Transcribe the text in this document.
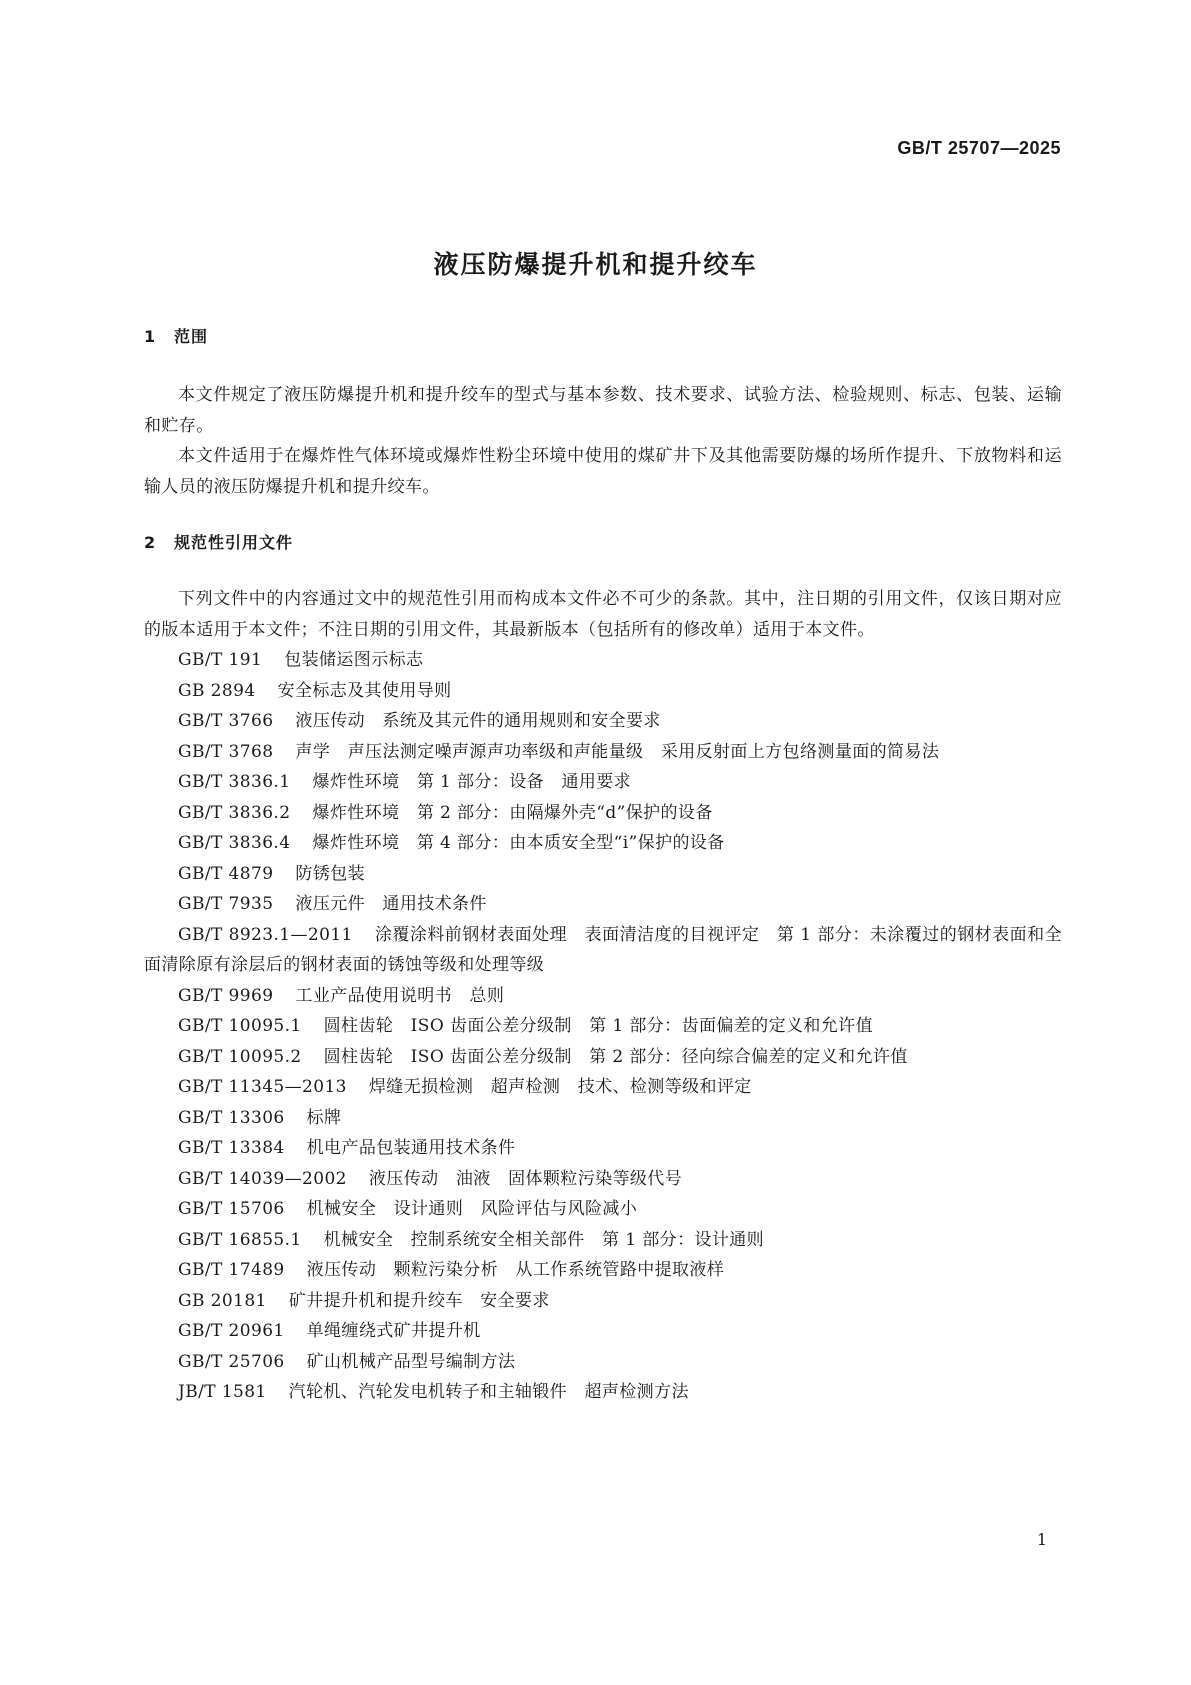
GB/T 25707—2025
液压防爆提升机和提升绞车
1 范围

本文件规定了液压防爆提升机和提升绞车的型式与基本参数、技术要求、试验方法、检验规则、标志、包装、运输和贮存。

本文件适用于在爆炸性气体环境或爆炸性粉尘环境中使用的煤矿井下及其他需要防爆的场所作提升、下放物料和运输人员的液压防爆提升机和提升绞车。

2 规范性引用文件

下列文件中的内容通过文中的规范性引用而构成本文件必不可少的条款。其中，注日期的引用文件，仅该日期对应的版本适用于本文件；不注日期的引用文件，其最新版本（包括所有的修改单）适用于本文件。

GB/T 191 包装储运图示标志

GB 2894 安全标志及其使用导则

GB/T 3766 液压传动　系统及其元件的通用规则和安全要求

GB/T 3768 声学　声压法测定噪声源声功率级和声能量级　采用反射面上方包络测量面的简易法

GB/T 3836.1 爆炸性环境　第 1 部分：设备　通用要求

GB/T 3836.2 爆炸性环境　第 2 部分：由隔爆外壳“d”保护的设备

GB/T 3836.4 爆炸性环境　第 4 部分：由本质安全型“i”保护的设备

GB/T 4879 防锈包装

GB/T 7935 液压元件　通用技术条件

GB/T 8923.1—2011 涂覆涂料前钢材表面处理　表面清洁度的目视评定　第 1 部分：未涂覆过的钢材表面和全面清除原有涂层后的钢材表面的锈蚀等级和处理等级

GB/T 9969 工业产品使用说明书　总则

GB/T 10095.1 圆柱齿轮　ISO 齿面公差分级制　第 1 部分：齿面偏差的定义和允许值

GB/T 10095.2 圆柱齿轮　ISO 齿面公差分级制　第 2 部分：径向综合偏差的定义和允许值

GB/T 11345—2013 焊缝无损检测　超声检测　技术、检测等级和评定

GB/T 13306 标牌

GB/T 13384 机电产品包装通用技术条件

GB/T 14039—2002 液压传动　油液　固体颗粒污染等级代号

GB/T 15706 机械安全　设计通则　风险评估与风险减小

GB/T 16855.1 机械安全　控制系统安全相关部件　第 1 部分：设计通则

GB/T 17489 液压传动　颗粒污染分析　从工作系统管路中提取液样

GB 20181 矿井提升机和提升绞车　安全要求

GB/T 20961 单绳缠绕式矿井提升机

GB/T 25706 矿山机械产品型号编制方法

JB/T 1581 汽轮机、汽轮发电机转子和主轴锻件　超声检测方法

1
